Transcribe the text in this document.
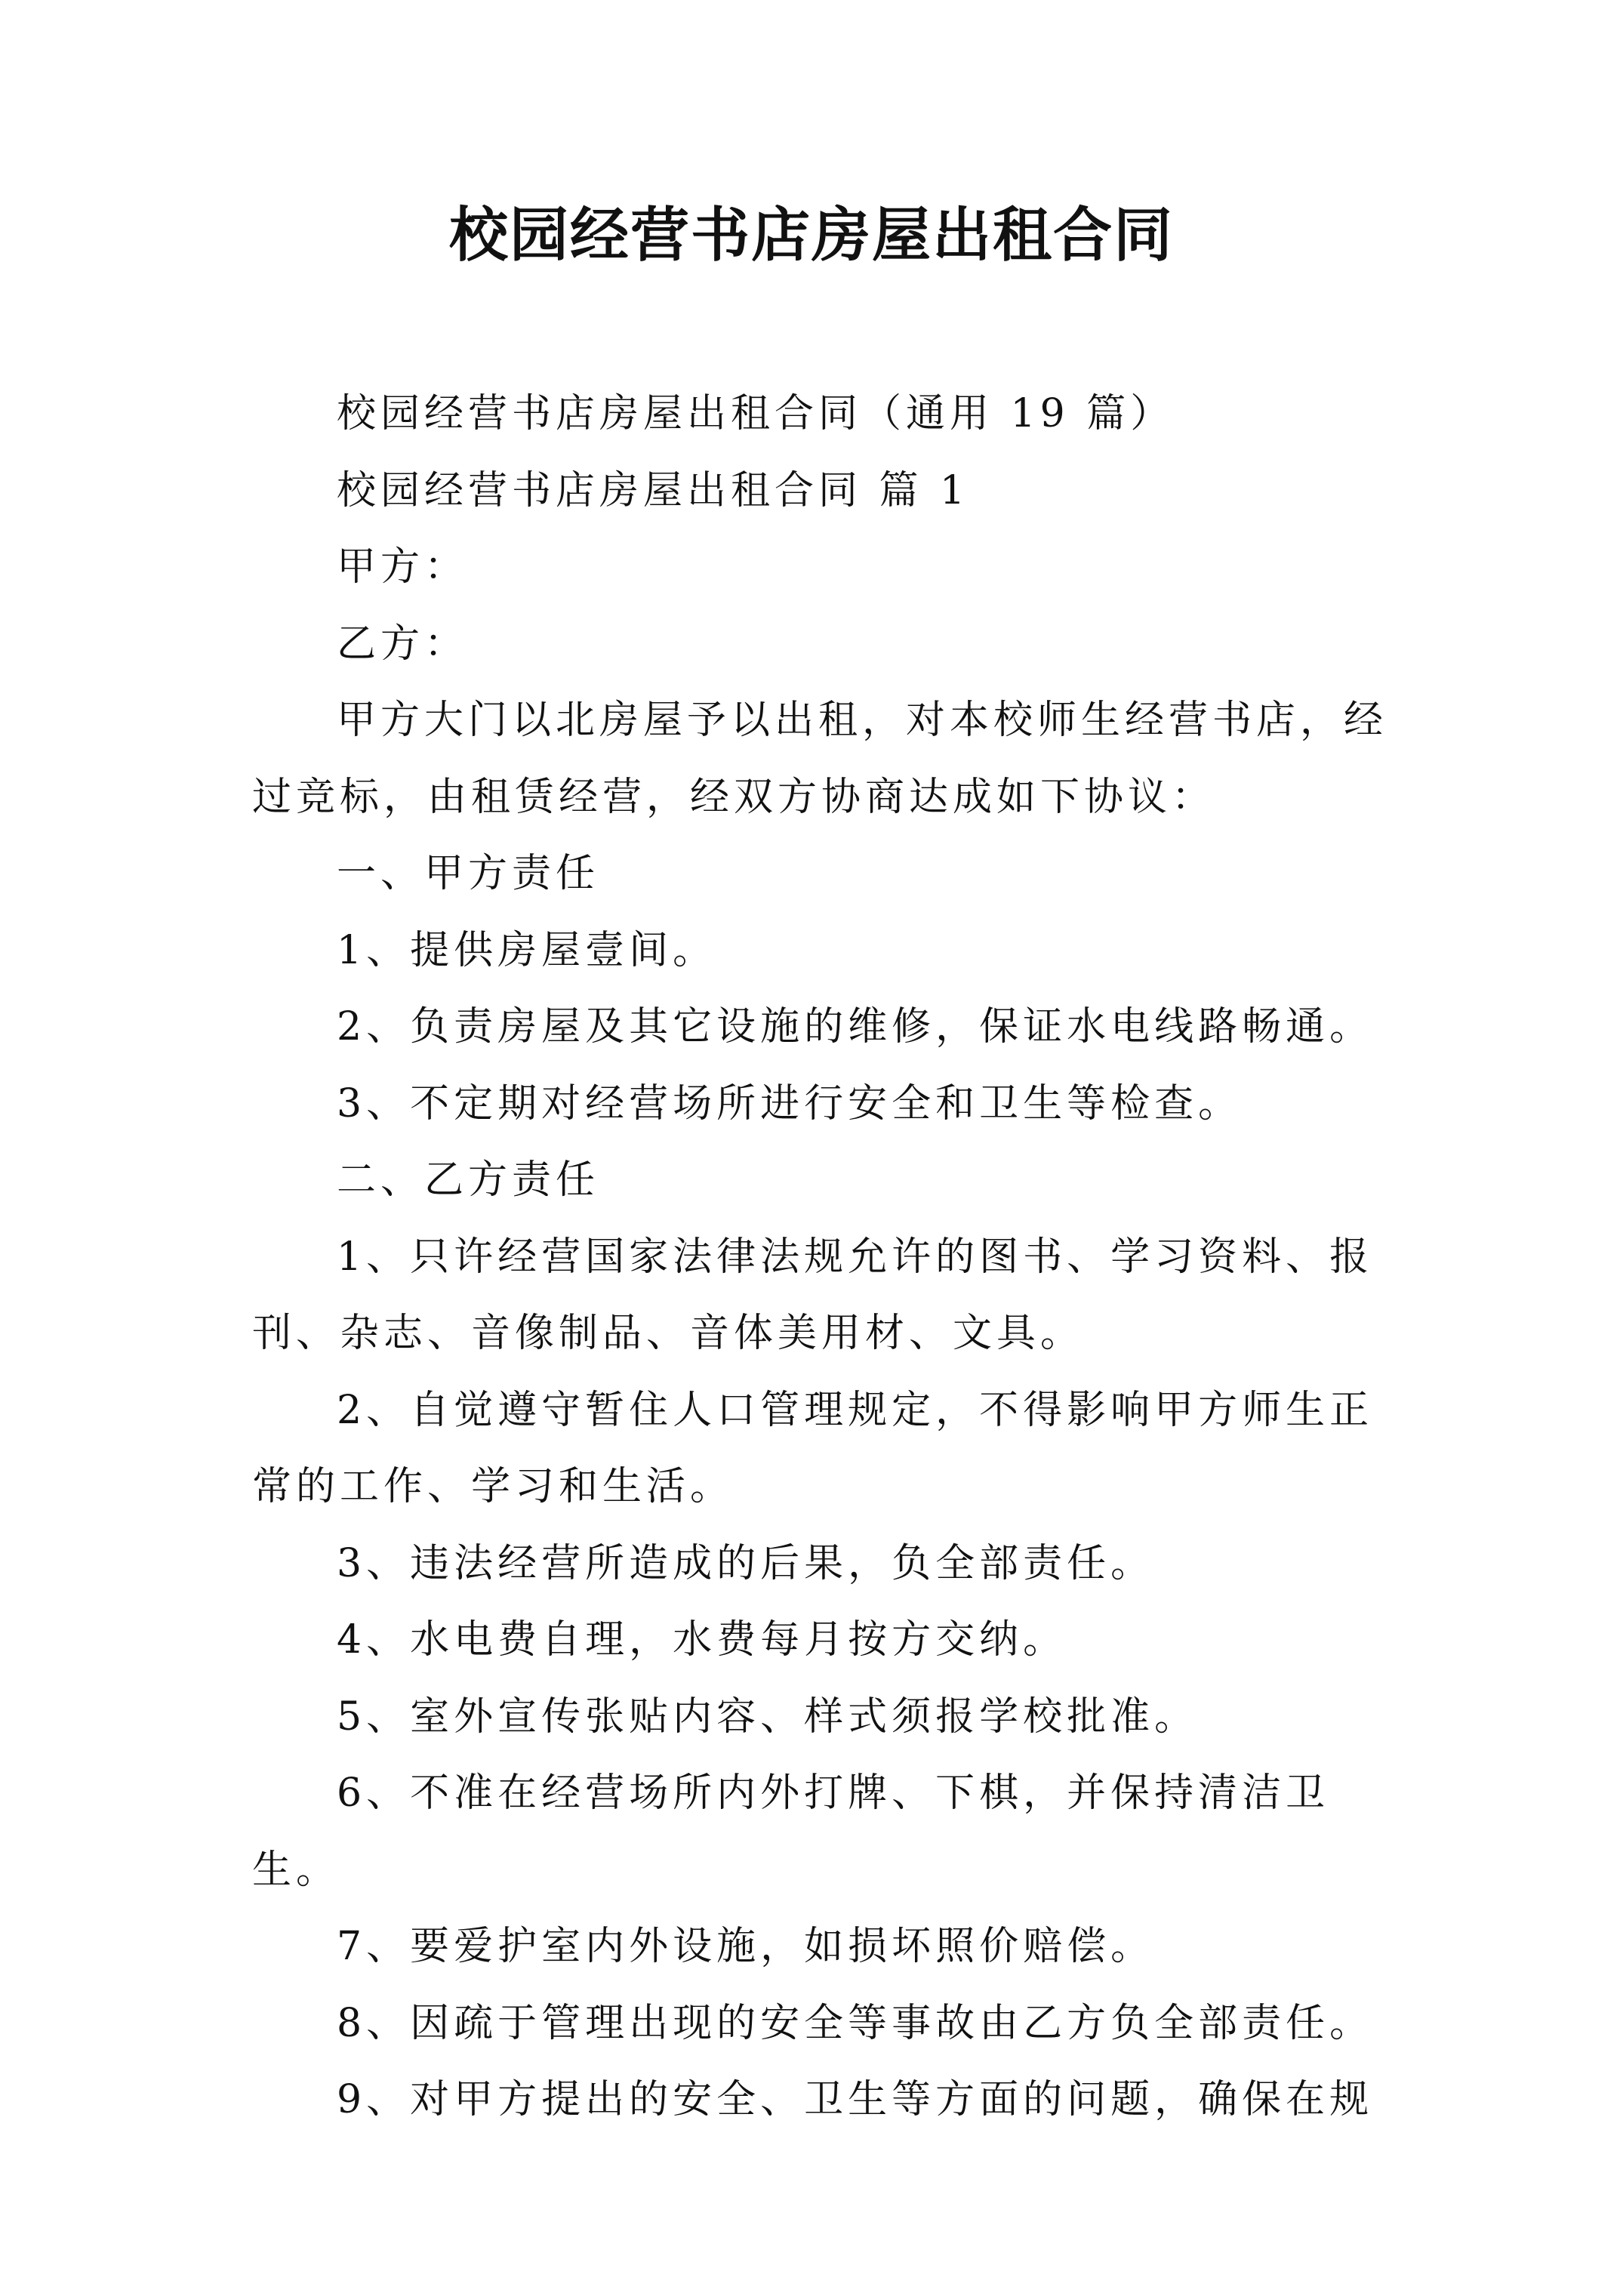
校园经营书店房屋出租合同

校园经营书店房屋出租合同（通用 19 篇）

校园经营书店房屋出租合同 篇 1

甲方：

乙方：

甲方大门以北房屋予以出租，对本校师生经营书店，经过竞标，由租赁经营，经双方协商达成如下协议：

一、甲方责任

1、提供房屋壹间。

2、负责房屋及其它设施的维修，保证水电线路畅通。

3、不定期对经营场所进行安全和卫生等检查。

二、乙方责任

1、只许经营国家法律法规允许的图书、学习资料、报刊、杂志、音像制品、音体美用材、文具。

2、自觉遵守暂住人口管理规定，不得影响甲方师生正常的工作、学习和生活。

3、违法经营所造成的后果，负全部责任。

4、水电费自理，水费每月按方交纳。

5、室外宣传张贴内容、样式须报学校批准。

6、不准在经营场所内外打牌、下棋，并保持清洁卫生。

7、要爱护室内外设施，如损坏照价赔偿。

8、因疏于管理出现的安全等事故由乙方负全部责任。

9、对甲方提出的安全、卫生等方面的问题，确保在规
